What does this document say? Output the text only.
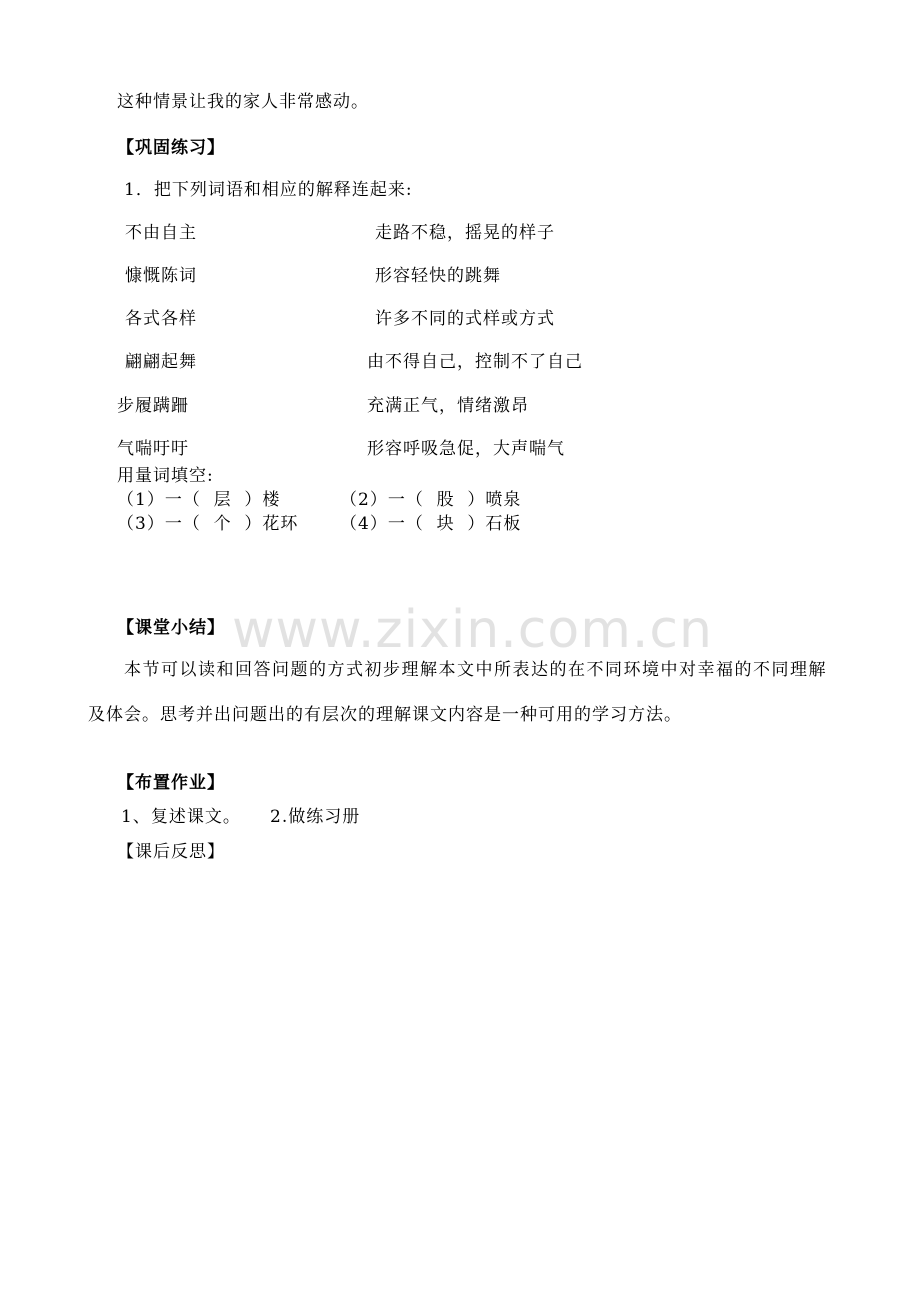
www.zixin.com.cn
这种情景让我的家人非常感动。
【巩固练习】
1．把下列词语和相应的解释连起来:
不由自主	走路不稳，摇晃的样子
慷慨陈词	形容轻快的跳舞
各式各样	许多不同的式样或方式
翩翩起舞	由不得自己，控制不了自己
步履蹒跚	充满正气，情绪激昂
气喘吁吁	形容呼吸急促，大声喘气
用量词填空:
（1）一（  层  ）楼	（2）一（  股  ）喷泉
（3）一（  个  ）花环 （4）一（  块  ）石板
【课堂小结】
本节可以读和回答问题的方式初步理解本文中所表达的在不同环境中对幸福的不同理解
及体会。思考并出问题出的有层次的理解课文内容是一种可用的学习方法。
【布置作业】
1、复述课文。 2.做练习册
【课后反思】
